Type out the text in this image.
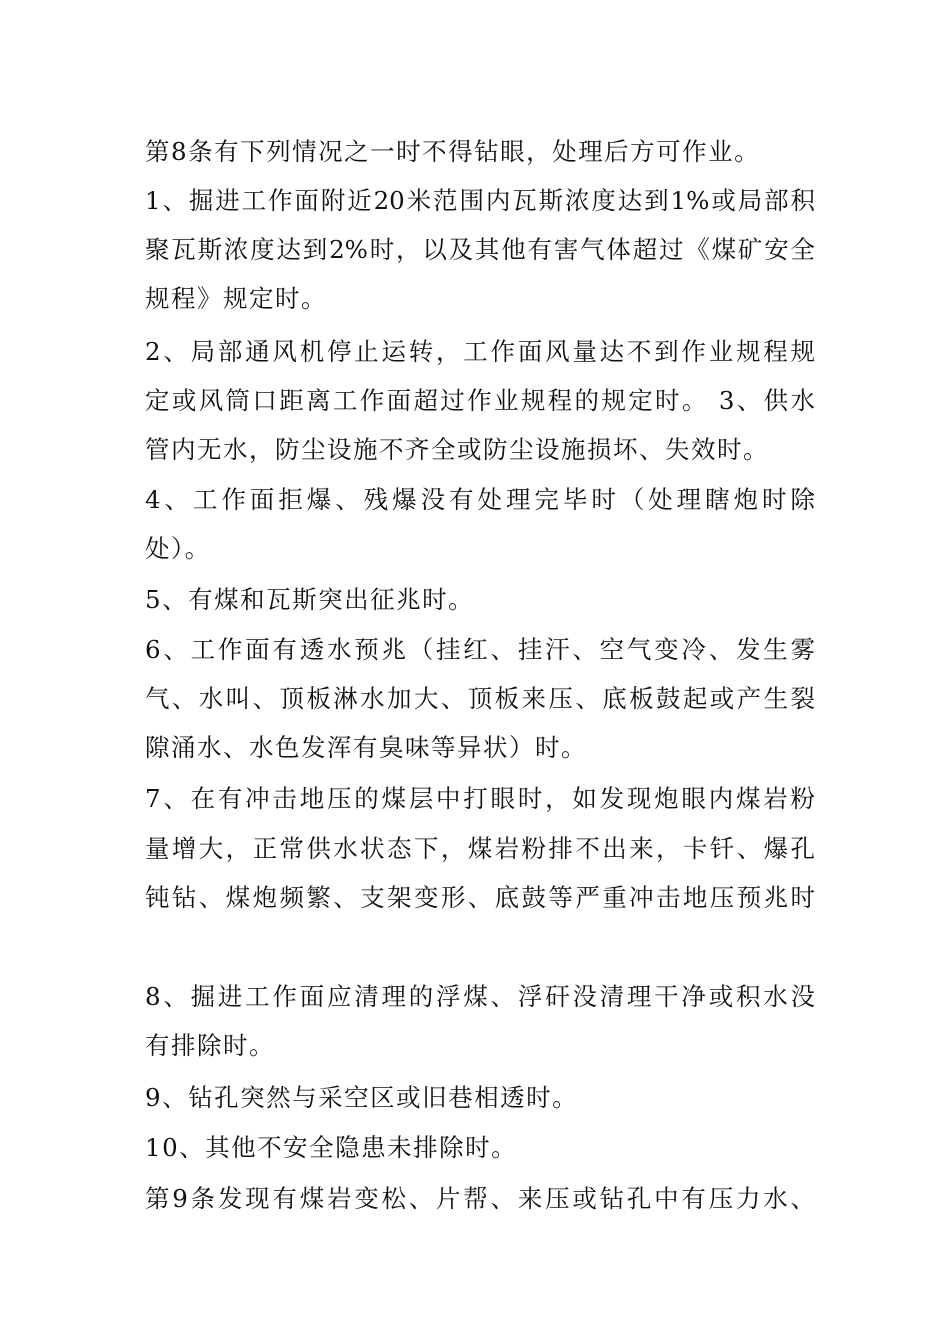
第8条有下列情况之一时不得钻眼，处理后方可作业。
1、掘进工作面附近20米范围内瓦斯浓度达到1%或局部积
聚瓦斯浓度达到2%时，以及其他有害气体超过《煤矿安全
规程》规定时。
2、局部通风机停止运转，工作面风量达不到作业规程规
定或风筒口距离工作面超过作业规程的规定时。 3、供水
管内无水，防尘设施不齐全或防尘设施损坏、失效时。
4、工作面拒爆、残爆没有处理完毕时（处理瞎炮时除
处）。
5、有煤和瓦斯突出征兆时。
6、工作面有透水预兆（挂红、挂汗、空气变冷、发生雾
气、水叫、顶板淋水加大、顶板来压、底板鼓起或产生裂
隙涌水、水色发浑有臭味等异状）时。
7、在有冲击地压的煤层中打眼时，如发现炮眼内煤岩粉
量增大，正常供水状态下，煤岩粉排不出来，卡钎、爆孔
钝钻、煤炮频繁、支架变形、底鼓等严重冲击地压预兆时
8、掘进工作面应清理的浮煤、浮矸没清理干净或积水没
有排除时。
9、钻孔突然与采空区或旧巷相透时。
10、其他不安全隐患未排除时。
第9条发现有煤岩变松、片帮、来压或钻孔中有压力水、
